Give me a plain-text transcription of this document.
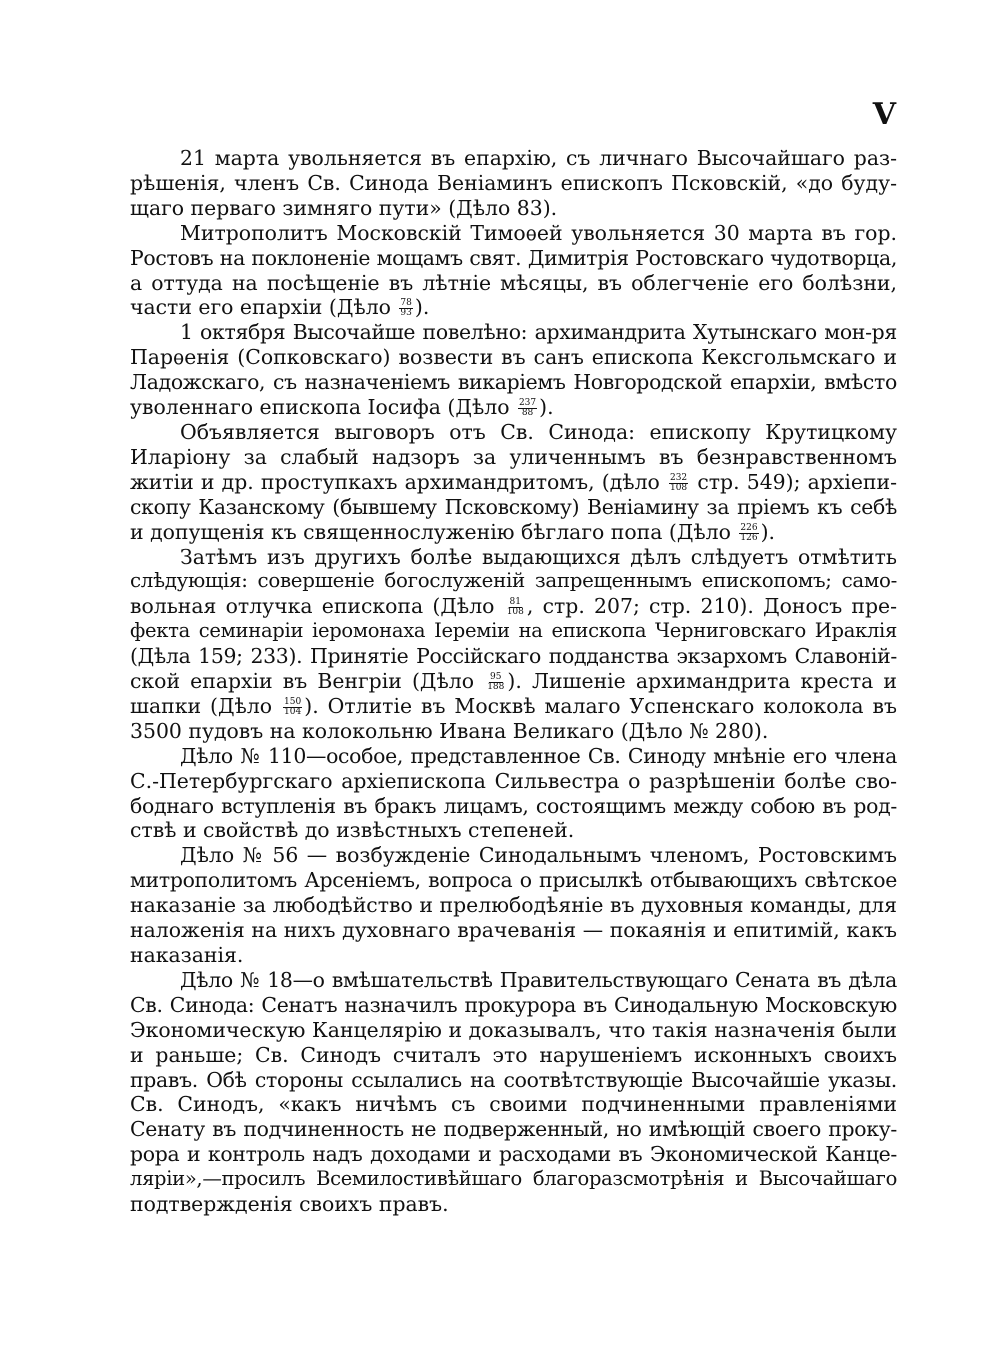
V
21 марта увольняется въ епархію, съ личнаго Высочайшаго раз-
рѣшенія, членъ Св. Синода Веніаминъ епископъ Псковскій, «до буду-
щаго перваго зимняго пути» (Дѣло 83).
Митрополитъ Московскій Тимоѳей увольняется 30 марта въ гор.
Ростовъ на поклоненіе мощамъ свят. Димитрія Ростовскаго чудотворца,
а оттуда на посѣщеніе въ лѣтніе мѣсяцы, въ облегченіе его болѣзни,
части его епархіи (Дѣло $\frac{78}{93}$ ).
1 октября Высочайше повелѣно: архимандрита Хутынскаго мон-ря
Парѳенія (Сопковскаго) возвести въ санъ епископа Кексгольмскаго и
Ладожскаго, съ назначеніемъ викаріемъ Новгородской епархіи, вмѣсто
уволеннаго епископа Іосифа (Дѣло $\frac{237}{88}$ ).
Объявляется выговоръ отъ Св. Синода: епископу Крутицкому
Иларіону за слабый надзоръ за уличеннымъ въ безнравственномъ
житіи и др. проступкахъ архимандритомъ, (дѣло $\frac{232}{108}$ стр. 549); архіепи-
скопу Казанскому (бывшему Псковскому) Веніамину за пріемъ къ себѣ
и допущенія къ священнослуженію бѣглаго попа (Дѣло $\frac{226}{126}$ ).
Затѣмъ изъ другихъ болѣе выдающихся дѣлъ слѣдуетъ отмѣтить
слѣдующія: совершеніе богослуженій запрещеннымъ епископомъ; само-
вольная отлучка епископа (Дѣло $\frac{81}{108}$ , стр. 207; стр. 210). Доносъ пре-
фекта семинаріи іеромонаха Іереміи на епископа Черниговскаго Ираклія
(Дѣла 159; 233). Принятіе Россійскаго подданства экзархомъ Славоній-
ской епархіи въ Венгріи (Дѣло $\frac{95}{188}$ ). Лишеніе архимандрита креста и
шапки (Дѣло $\frac{150}{104}$ ). Отлитіе въ Москвѣ малаго Успенскаго колокола въ
3500 пудовъ на колокольню Ивана Великаго (Дѣло № 280).
Дѣло № 110—особое, представленное Св. Синоду мнѣніе его члена
С.-Петербургскаго архіепископа Сильвестра о разрѣшеніи болѣе сво-
боднаго вступленія въ бракъ лицамъ, состоящимъ между собою въ род-
ствѣ и свойствѣ до извѣстныхъ степеней.
Дѣло № 56 — возбужденіе Синодальнымъ членомъ, Ростовскимъ
митрополитомъ Арсеніемъ, вопроса о присылкѣ отбывающихъ свѣтское
наказаніе за любодѣйство и прелюбодѣяніе въ духовныя команды, для
наложенія на нихъ духовнаго врачеванія — покаянія и епитимій, какъ
наказанія.
Дѣло № 18—о вмѣшательствѣ Правительствующаго Сената въ дѣла
Св. Синода: Сенатъ назначилъ прокурора въ Синодальную Московскую
Экономическую Канцелярію и доказывалъ, что такія назначенія были
и раньше; Св. Синодъ считалъ это нарушеніемъ исконныхъ своихъ
правъ. Обѣ стороны ссылались на соотвѣтствующіе Высочайшіе указы.
Св. Синодъ, «какъ ничѣмъ съ своими подчиненными правленіями
Сенату въ подчиненность не подверженный, но имѣющій своего проку-
рора и контроль надъ доходами и расходами въ Экономической Канце-
ляріи»,—просилъ Всемилостивѣйшаго благоразсмотрѣнія и Высочайшаго
подтвержденія своихъ правъ.
